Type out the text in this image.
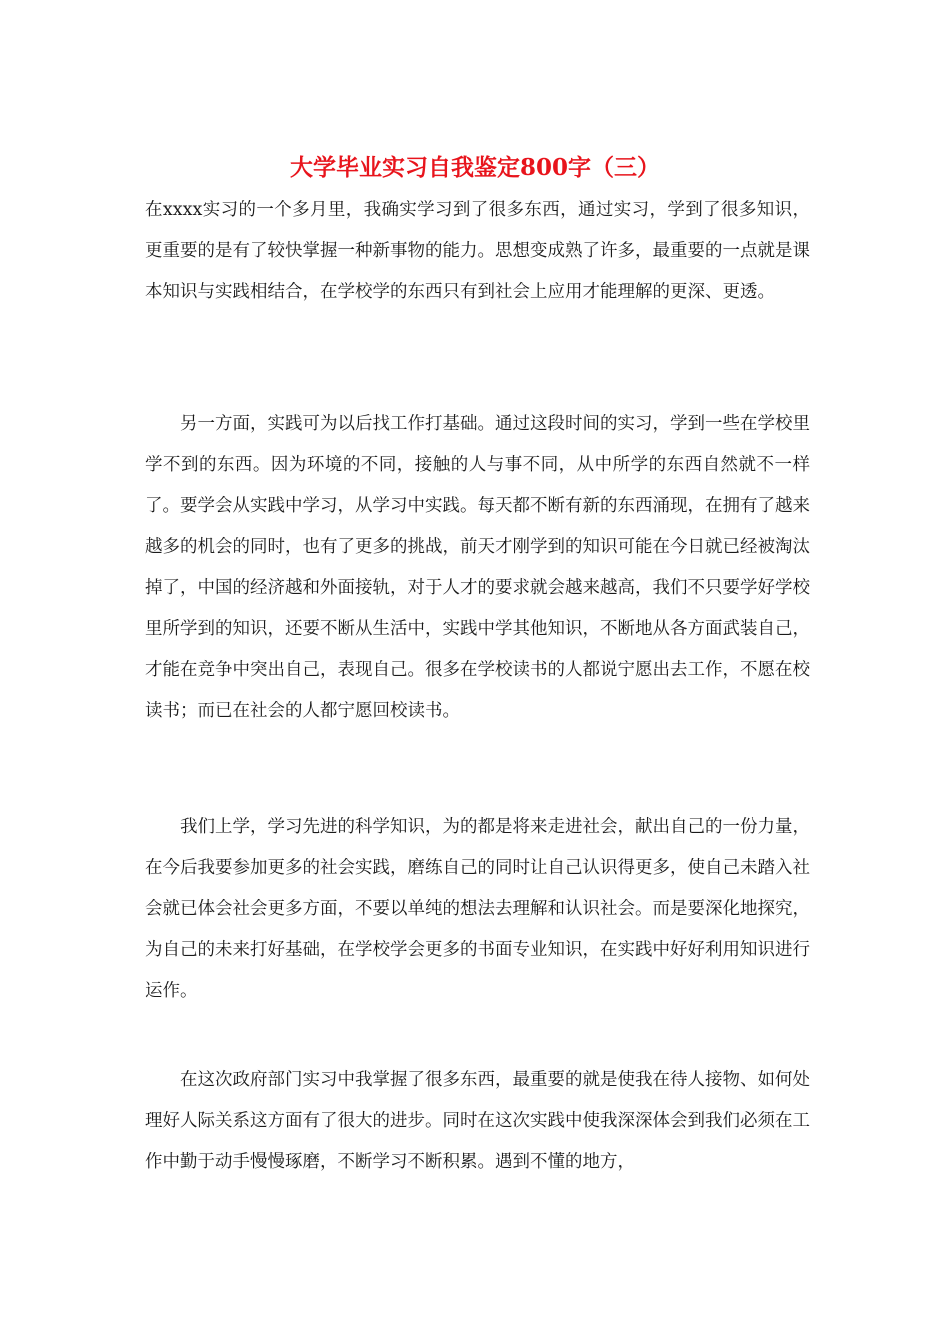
大学毕业实习自我鉴定800字（三）
在xxxx实习的一个多月里，我确实学习到了很多东西，通过实习，学到了很多知识，更重要的是有了较快掌握一种新事物的能力。思想变成熟了许多，最重要的一点就是课本知识与实践相结合，在学校学的东西只有到社会上应用才能理解的更深、更透。
另一方面，实践可为以后找工作打基础。通过这段时间的实习，学到一些在学校里学不到的东西。因为环境的不同，接触的人与事不同，从中所学的东西自然就不一样了。要学会从实践中学习，从学习中实践。每天都不断有新的东西涌现，在拥有了越来越多的机会的同时，也有了更多的挑战，前天才刚学到的知识可能在今日就已经被淘汰掉了，中国的经济越和外面接轨，对于人才的要求就会越来越高，我们不只要学好学校里所学到的知识，还要不断从生活中，实践中学其他知识，不断地从各方面武装自己，才能在竞争中突出自己，表现自己。很多在学校读书的人都说宁愿出去工作，不愿在校读书；而已在社会的人都宁愿回校读书。
我们上学，学习先进的科学知识，为的都是将来走进社会，献出自己的一份力量，在今后我要参加更多的社会实践，磨练自己的同时让自己认识得更多，使自己未踏入社会就已体会社会更多方面，不要以单纯的想法去理解和认识社会。而是要深化地探究，为自己的未来打好基础，在学校学会更多的书面专业知识，在实践中好好利用知识进行运作。
在这次政府部门实习中我掌握了很多东西，最重要的就是使我在待人接物、如何处理好人际关系这方面有了很大的进步。同时在这次实践中使我深深体会到我们必须在工作中勤于动手慢慢琢磨，不断学习不断积累。遇到不懂的地方，
